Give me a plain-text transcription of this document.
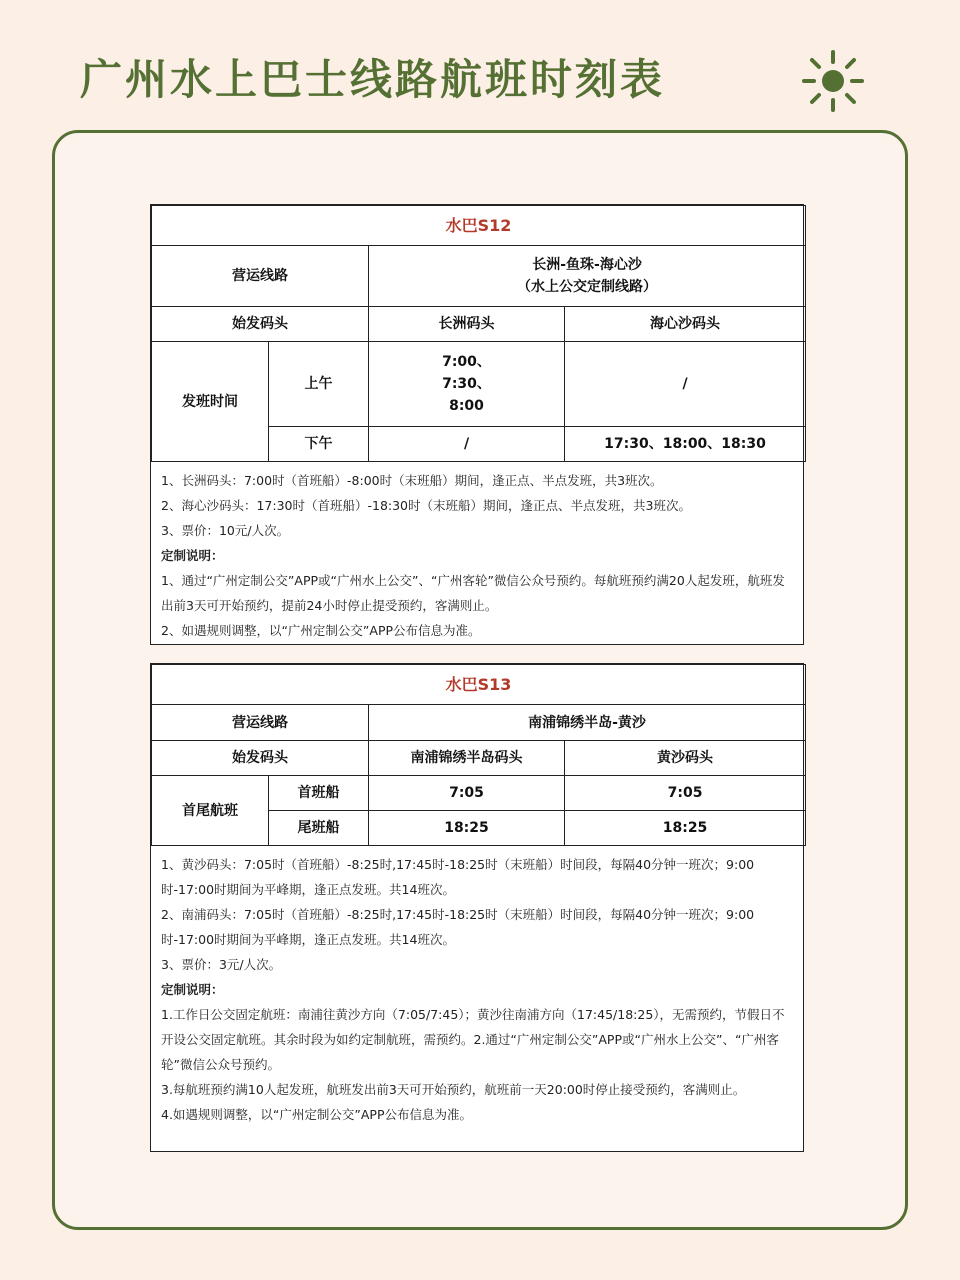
广州水上巴士线路航班时刻表
水巴S12			
营运线路		长洲-鱼珠-海心沙
（水上公交定制线路）	

始发码头		长洲码头	海心沙码头
发班时间	上午	7:00、
7:30、
8:00	/
	下午	/	17:30、18:00、18:30

1、长洲码头：7:00时（首班船）-8:00时（末班船）期间，逢正点、半点发班，共3班次。

2、海心沙码头：17:30时（首班船）-18:30时（末班船）期间，逢正点、半点发班，共3班次。

3、票价：10元/人次。

定制说明：

1、通过“广州定制公交”APP或“广州水上公交”、“广州客轮”微信公众号预约。每航班预约满20人起发班，航班发出前3天可开始预约，提前24小时停止提受预约，客满则止。

2、如遇规则调整，以“广州定制公交”APP公布信息为准。

水巴S13			
营运线路		南浦锦绣半岛-黄沙	
始发码头		南浦锦绣半岛码头	黄沙码头
首尾航班	首班船	7:05	7:05
	尾班船	18:25	18:25

1、黄沙码头：7:05时（首班船）-8:25时,17:45时-18:25时（末班船）时间段，每隔40分钟一班次；9:00时-17:00时期间为平峰期，逢正点发班。共14班次。

2、南浦码头：7:05时（首班船）-8:25时,17:45时-18:25时（末班船）时间段，每隔40分钟一班次；9:00时-17:00时期间为平峰期，逢正点发班。共14班次。

3、票价：3元/人次。

定制说明：

1.工作日公交固定航班：南浦往黄沙方向（7:05/7:45）；黄沙往南浦方向（17:45/18:25），无需预约，节假日不开设公交固定航班。其余时段为如约定制航班，需预约。2.通过“广州定制公交”APP或“广州水上公交”、“广州客轮”微信公众号预约。

3.每航班预约满10人起发班，航班发出前3天可开始预约，航班前一天20:00时停止接受预约，客满则止。

4.如遇规则调整，以“广州定制公交”APP公布信息为准。
